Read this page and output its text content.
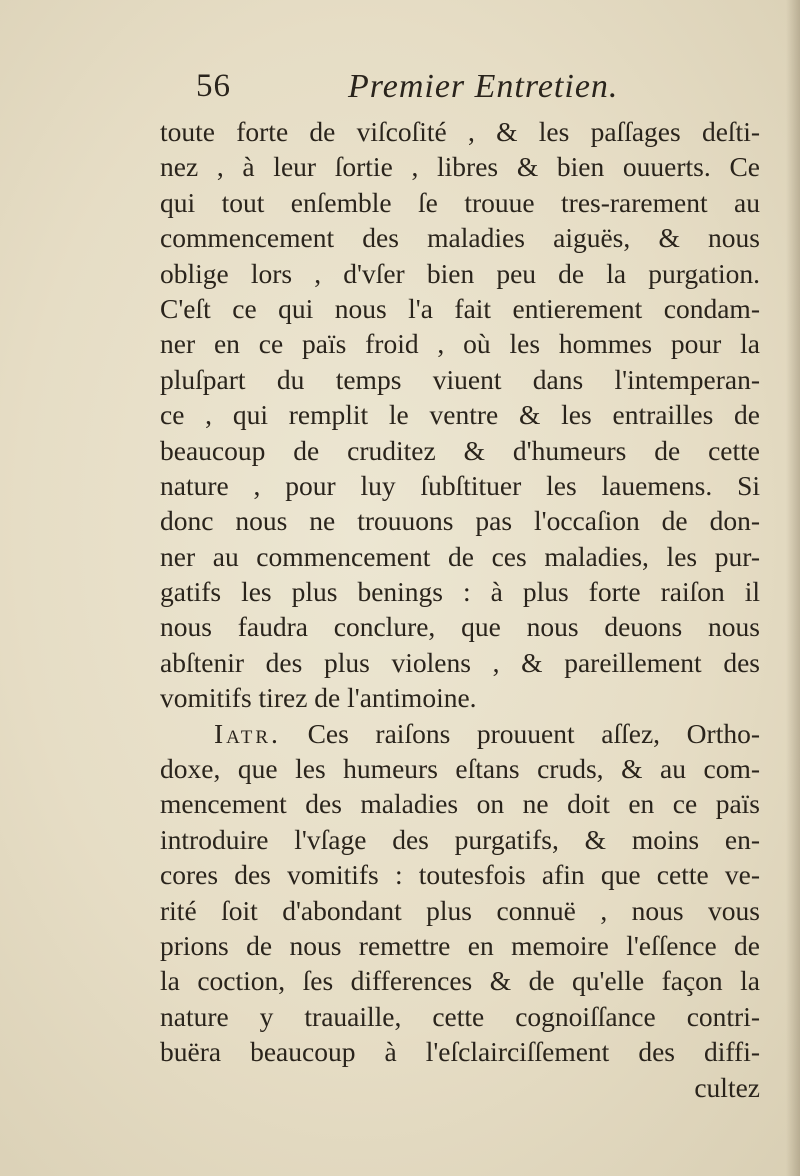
56	Premier Entretien.
toute forte de viſcoſité , & les paſſages deſti-
nez , à leur ſortie , libres & bien ouuerts. Ce
qui tout enſemble ſe trouue tres-rarement au
commencement des maladies aiguës, & nous
oblige lors , d'vſer bien peu de la purgation.
C'eſt ce qui nous l'a fait entierement condam-
ner en ce païs froid , où les hommes pour la
pluſpart du temps viuent dans l'intemperan-
ce , qui remplit le ventre & les entrailles de
beaucoup de cruditez & d'humeurs de cette
nature , pour luy ſubſtituer les lauemens. Si
donc nous ne trouuons pas l'occaſion de don-
ner au commencement de ces maladies, les pur-
gatifs les plus benings : à plus forte raiſon il
nous faudra conclure, que nous deuons nous
abſtenir des plus violens , & pareillement des
vomitifs tirez de l'antimoine.
Iatr. Ces raiſons prouuent aſſez, Ortho-
doxe, que les humeurs eſtans cruds, & au com-
mencement des maladies on ne doit en ce païs
introduire l'vſage des purgatifs, & moins en-
cores des vomitifs : toutesfois afin que cette ve-
rité ſoit d'abondant plus connuë , nous vous
prions de nous remettre en memoire l'eſſence de
la coction, ſes differences & de qu'elle façon la
nature y trauaille, cette cognoiſſance contri-
buëra beaucoup à l'eſclairciſſement des diffi-
cultez
